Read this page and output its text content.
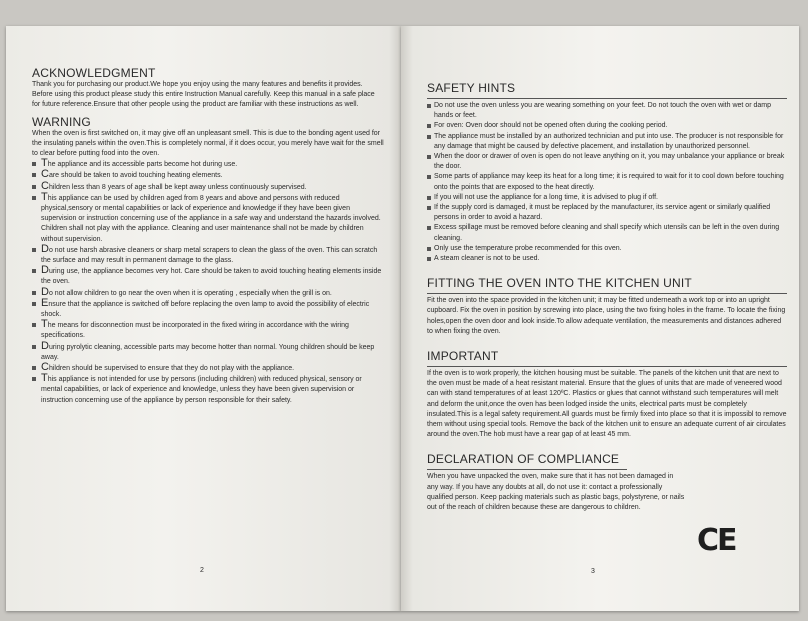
ACKNOWLEDGMENT

Thank you for purchasing our product.We hope you enjoy using the many features and benefits it provides. Before using this product please study this entire Instruction Manual carefully. Keep this manual in a safe place for future reference.Ensure that other people using the product are familiar with these instructions as well.

WARNING

When the oven is first switched on, it may give off an unpleasant smell. This is due to the bonding agent used for the insulating panels within the oven.This is completely normal, if it does occur, you merely have wait for the smell to clear before putting food into the oven.

The appliance and its accessible parts become hot during use.
Care should be taken to avoid touching heating elements.
Children less than 8 years of age shall be kept away unless continuously supervised.
This appliance can be used by children aged from 8 years and above and persons with reduced physical,sensory or mental capabilities or lack of experience and knowledge if they have been given supervision or instruction concerning use of the appliance in a safe way and understand the hazards involved. Children shall not play with the appliance. Cleaning and user maintenance shall not be made by children without supervision.
Do not use harsh abrasive cleaners or sharp metal scrapers to clean the glass of the oven. This can scratch the surface and may result in permanent damage to the glass.
During use, the appliance becomes very hot. Care should be taken to avoid touching heating elements inside the oven.
Do not allow children to go near the oven when it is operating , especially when the grill is on.
Ensure that the appliance is switched off before replacing the oven lamp to avoid the possibility of electric shock.
The means for disconnection must be incorporated in the fixed wiring in accordance with the wiring specifications.
During pyrolytic cleaning, accessible parts may become hotter than normal. Young children should be keep away.
Children should be supervised to ensure that they do not play with the appliance.
This appliance is not intended for use by persons (including children) with reduced physical, sensory or mental capabilities, or lack of experience and knowledge, unless they have been given supervision or instruction concerning use of the appliance by person responsible for their safety.
2
SAFETY HINTS
Do not use the oven unless you are wearing something on your feet. Do not touch the oven with wet or damp hands or feet.
For oven: Oven door should not be opened often during the cooking period.
The appliance must be installed by an authorized technician and put into use. The producer is not responsible for any damage that might be caused by defective placement, and installation by unauthorized personnel.
When the door or drawer of oven is open do not leave anything on it, you may unbalance your appliance or break the door.
Some parts of appliance may keep its heat for a long time; it is required to wait for it to cool down before touching onto the points that are exposed to the heat directly.
If you will not use the appliance for a long time, it is advised to plug if off.
If the supply cord is damaged, it must be replaced by the manufacturer, its service agent or similarly qualified persons in order to avoid a hazard.
Excess spillage must be removed before cleaning and shall specify which utensils can be left in the oven during cleaning.
Only use the temperature probe recommended for this oven.
A steam cleaner is not to be used.
FITTING THE OVEN INTO THE KITCHEN UNIT

Fit the oven into the space provided in the kitchen unit; it may be fitted underneath a work top or into an upright cupboard. Fix the oven in position by screwing into place, using the two fixing holes in the frame. To locate the fixing holes,open the oven door and look inside.To allow adequate ventilation, the measurements and distances adhered to when fixing the oven.

IMPORTANT

If the oven is to work properly, the kitchen housing must be suitable. The panels of the kitchen unit that are next to the oven must be made of a heat resistant material. Ensure that the glues of units that are made of veneered wood can with stand temperatures of at least 120ºC. Plastics or glues that cannot withstand such temperatures will melt and deform the unit,once the oven has been lodged inside the units, electrical parts must be completely insulated.This is a legal safety requirement.All guards must be firmly fixed into place so that it is impossibl to remove them without using special tools. Remove the back of the kitchen unit to ensure an adequate current of air circulates around the oven.The hob must have a rear gap of at least 45 mm.

DECLARATION OF COMPLIANCE

When you have unpacked the oven, make sure that it has not been damaged in any way. If you have any doubts at all, do not use it: contact a professionally qualified person. Keep packing materials such as plastic bags, polystyrene, or nails out of the reach of children because these are dangerous to children.

CE
3
